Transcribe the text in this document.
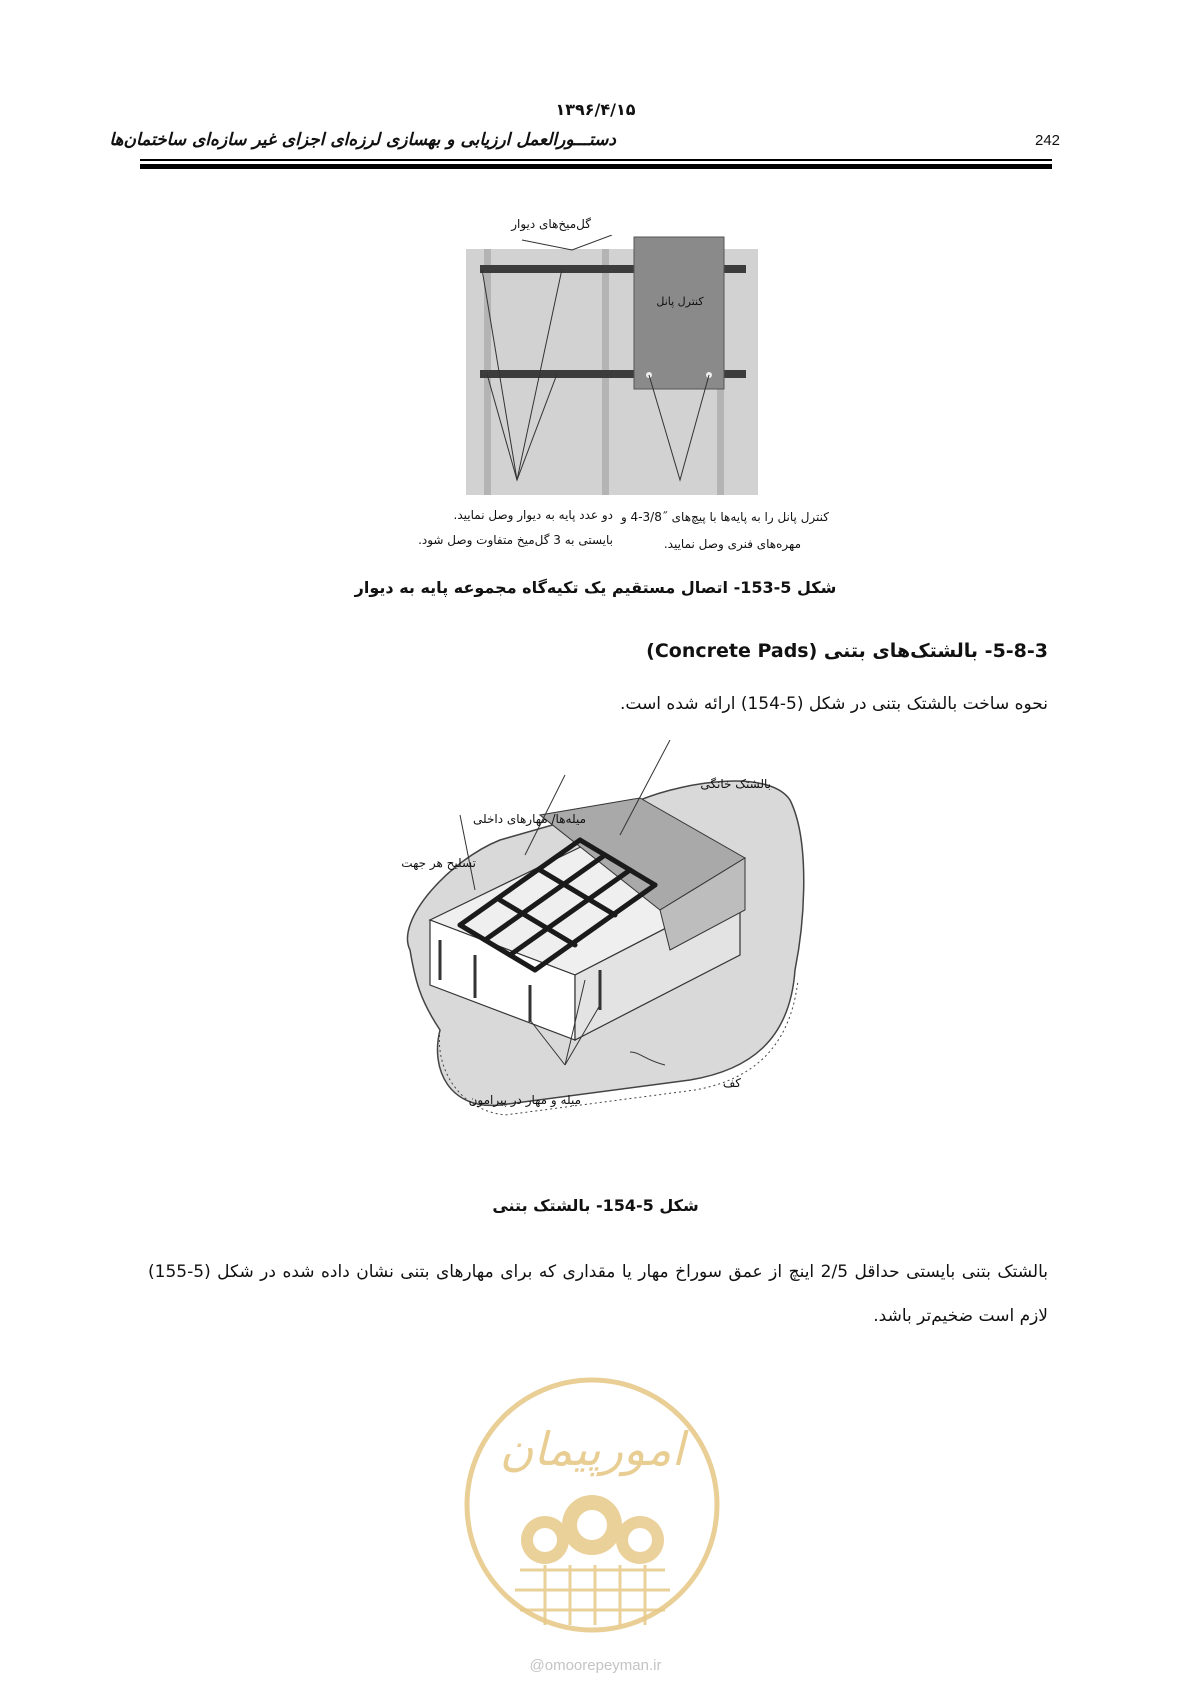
۱۳۹۶/۴/۱۵
دستـــورالعمل ارزیابی و بهسازی لرزه‌ای اجزای غیر سازه‌ای ساختمان‌ها	242
کنترل پانل
گل‌میخ‌های دیوار
دو عدد پایه به دیوار وصل نمایید.
بایستی به 3 گل‌میخ متفاوت وصل شود.
کنترل پانل را به پایه‌ها با پیچ‌های ˝3/8-4 و
مهره‌های فنری وصل نمایید.
شکل 5-153- اتصال مستقیم یک تکیه‌گاه مجموعه پایه به دیوار
5-8-3- بالشتک‌های بتنی (Concrete Pads)
نحوه ساخت بالشتک بتنی در شکل (5-154) ارائه شده است.
بالشتک خانگی
میله‌ها/ مهارهای داخلی
تسلیح هر جهت
میله و مهار در پیرامون
کف
شکل 5-154- بالشتک بتنی
بالشتک بتنی بایستی حداقل 2/5 اینچ از عمق سوراخ مهار یا مقداری که برای مهارهای بتنی نشان داده شده در شکل (5-155) لازم است ضخیم‌تر باشد.
امورپیمان
@omoorepeyman.ir
